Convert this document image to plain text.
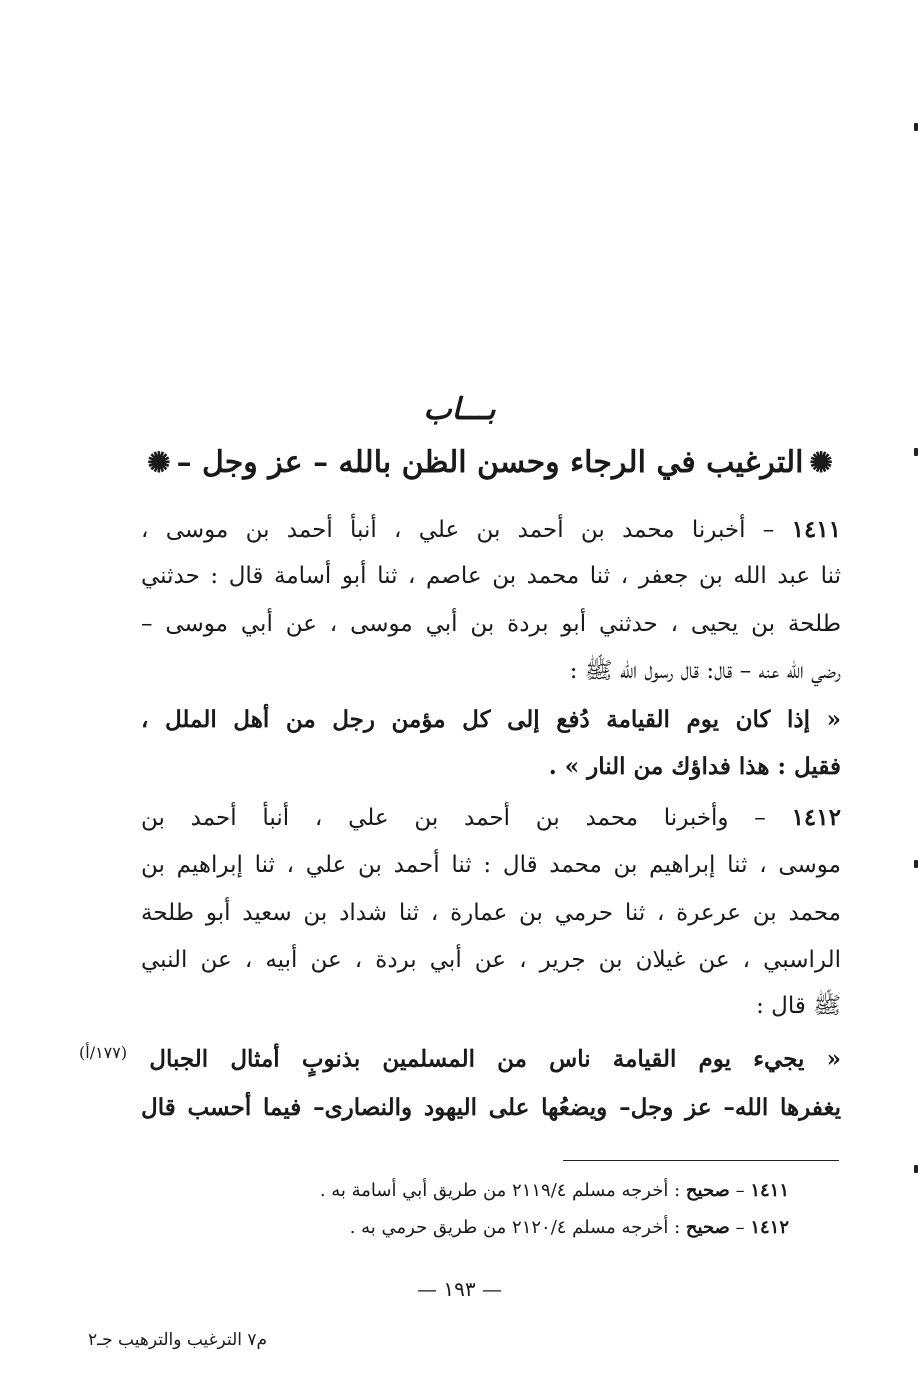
بـــاب
✺الترغيب في الرجاء وحسن الظن بالله – عز وجل –✺
١٤١١ – أخبرنا محمد بن أحمد بن علي ، أنبأ أحمد بن موسى ،
ثنا عبد الله بن جعفر ، ثنا محمد بن عاصم ، ثنا أبو أسامة قال : حدثني
طلحة بن يحيى ، حدثني أبو بردة بن أبي موسى ، عن أبي موسى –
رضي الله عنه – قال: قال رسول الله ﷺ :
« إذا كان يوم القيامة دُفع إلى كل مؤمن رجل من أهل الملل ،
فقيل : هذا فداؤك من النار » .
١٤١٢ – وأخبرنا محمد بن أحمد بن علي ، أنبأ أحمد بن
موسى ، ثنا إبراهيم بن محمد قال : ثنا أحمد بن علي ، ثنا إبراهيم بن
محمد بن عرعرة ، ثنا حرمي بن عمارة ، ثنا شداد بن سعيد أبو طلحة
الراسبي ، عن غيلان بن جرير ، عن أبي بردة ، عن أبيه ، عن النبي
ﷺ قال :
« يجيء يوم القيامة ناس من المسلمين بذنوبٍ أمثال الجبال $^{(١٧٧/أ)}$
يغفرها الله– عز وجل– ويضعُها على اليهود والنصارى– فيما أحسب قال
١٤١١ – صحيح : أخرجه مسلم ٢١١٩/٤ من طريق أبي أسامة به .
١٤١٢ – صحيح : أخرجه مسلم ٢١٢٠/٤ من طريق حرمي به .
— ١٩٣ —
م٧ الترغيب والترهيب جـ٢
